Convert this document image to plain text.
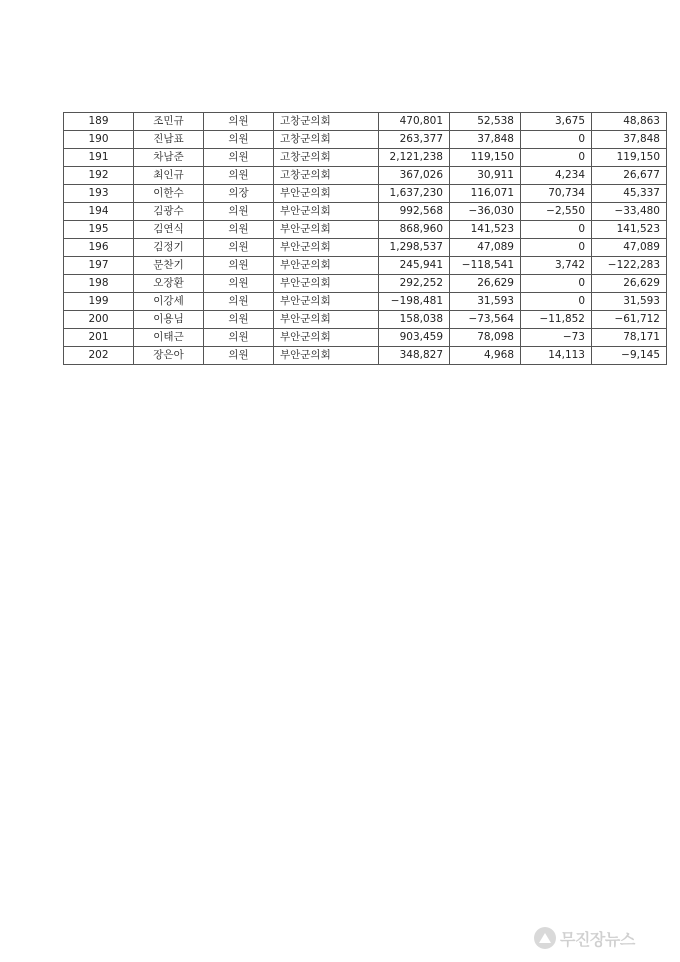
189	조민규	의원	고창군의회	470,801	52,538	3,675	48,863
190	진남표	의원	고창군의회	263,377	37,848	0	37,848
191	차남준	의원	고창군의회	2,121,238	119,150	0	119,150
192	최인규	의원	고창군의회	367,026	30,911	4,234	26,677
193	이한수	의장	부안군의회	1,637,230	116,071	70,734	45,337
194	김광수	의원	부안군의회	992,568	−36,030	−2,550	−33,480
195	김연식	의원	부안군의회	868,960	141,523	0	141,523
196	김정기	의원	부안군의회	1,298,537	47,089	0	47,089
197	문찬기	의원	부안군의회	245,941	−118,541	3,742	−122,283
198	오장환	의원	부안군의회	292,252	26,629	0	26,629
199	이강세	의원	부안군의회	−198,481	31,593	0	31,593
200	이용님	의원	부안군의회	158,038	−73,564	−11,852	−61,712
201	이태근	의원	부안군의회	903,459	78,098	−73	78,171
202	장은아	의원	부안군의회	348,827	4,968	14,113	−9,145
무진장뉴스
